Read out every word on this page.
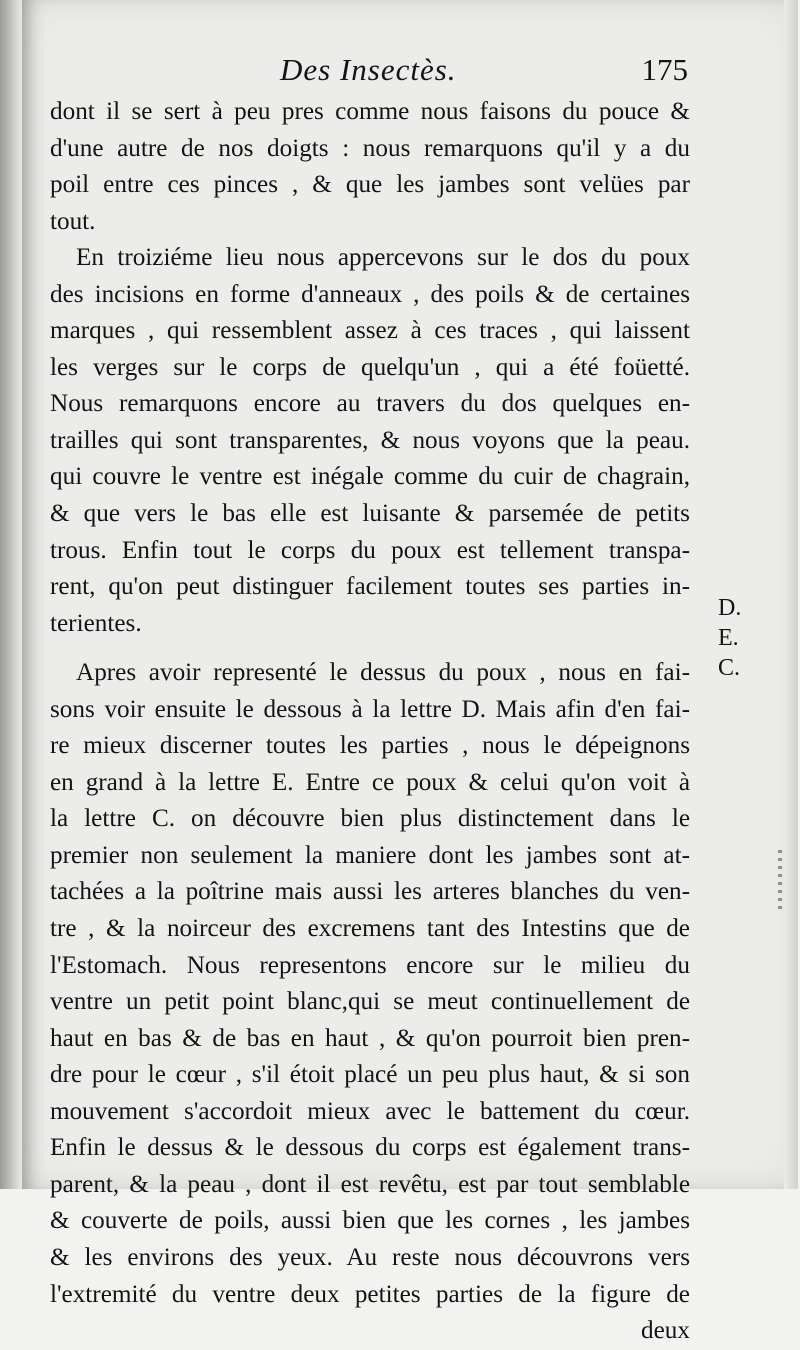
Des Insectès.	175
dont il se sert à peu pres comme nous faisons du pouce &
d'une autre de nos doigts : nous remarquons qu'il y a du
poil entre ces pinces , & que les jambes sont velües par
tout.
En troiziéme lieu nous appercevons sur le dos du poux
des incisions en forme d'anneaux , des poils & de certaines
marques , qui ressemblent assez à ces traces , qui laissent
les verges sur le corps de quelqu'un , qui a été foüetté.
Nous remarquons encore au travers du dos quelques en-
trailles qui sont transparentes, & nous voyons que la peau.
qui couvre le ventre est inégale comme du cuir de chagrain,
& que vers le bas elle est luisante & parsemée de petits
trous. Enfin tout le corps du poux est tellement transpa-
rent, qu'on peut distinguer facilement toutes ses parties in-
terientes.
Apres avoir representé le dessus du poux , nous en fai-
sons voir ensuite le dessous à la lettre D. Mais afin d'en fai-
re mieux discerner toutes les parties , nous le dépeignons
en grand à la lettre E. Entre ce poux & celui qu'on voit à
la lettre C. on découvre bien plus distinctement dans le
premier non seulement la maniere dont les jambes sont at-
tachées a la poîtrine mais aussi les arteres blanches du ven-
tre , & la noirceur des excremens tant des Intestins que de
l'Estomach. Nous representons encore sur le milieu du
ventre un petit point blanc,qui se meut continuellement de
haut en bas & de bas en haut , & qu'on pourroit bien pren-
dre pour le cœur , s'il étoit placé un peu plus haut, & si son
mouvement s'accordoit mieux avec le battement du cœur.
Enfin le dessus & le dessous du corps est également trans-
parent, & la peau , dont il est revêtu, est par tout semblable
& couverte de poils, aussi bien que les cornes , les jambes
& les environs des yeux. Au reste nous découvrons vers
l'extremité du ventre deux petites parties de la figure de
deux
D.
E.
C.
